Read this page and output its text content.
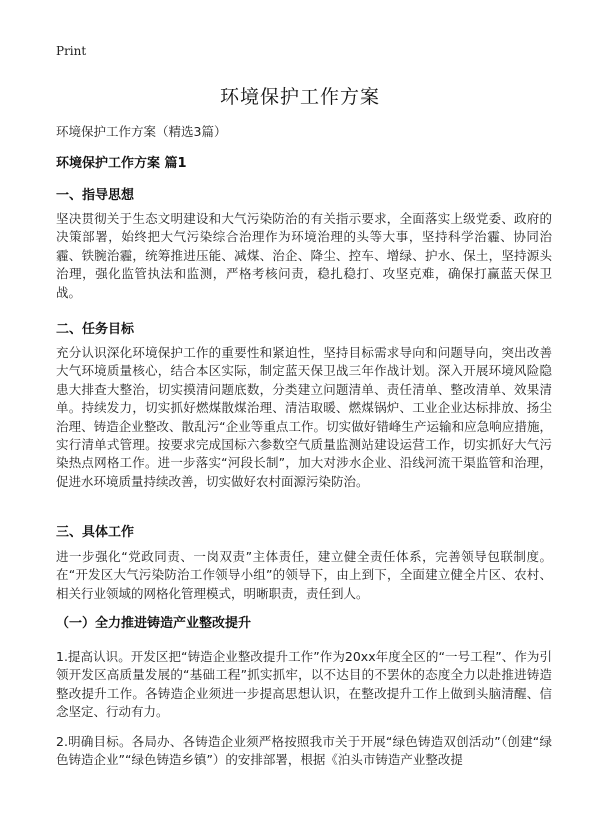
Print
环境保护工作方案
环境保护工作方案（精选3篇）
环境保护工作方案 篇1
一、指导思想

坚决贯彻关于生态文明建设和大气污染防治的有关指示要求，全面落实上级党委、政府的决策部署，始终把大气污染综合治理作为环境治理的头等大事，坚持科学治霾、协同治霾、铁腕治霾，统筹推进压能、减煤、治企、降尘、控车、增绿、护水、保土，坚持源头治理，强化监管执法和监测，严格考核问责，稳扎稳打、攻坚克难，确保打赢蓝天保卫战。

二、任务目标

充分认识深化环境保护工作的重要性和紧迫性，坚持目标需求导向和问题导向，突出改善大气环境质量核心，结合本区实际，制定蓝天保卫战三年作战计划。深入开展环境风险隐患大排查大整治，切实摸清问题底数，分类建立问题清单、责任清单、整改清单、效果清单。持续发力，切实抓好燃煤散煤治理、清洁取暖、燃煤锅炉、工业企业达标排放、扬尘治理、铸造企业整改、散乱污“企业等重点工作。切实做好错峰生产运输和应急响应措施，实行清单式管理。按要求完成国标六参数空气质量监测站建设运营工作，切实抓好大气污染热点网格工作。进一步落实“河段长制”，加大对涉水企业、沿线河流干渠监管和治理，促进水环境质量持续改善，切实做好农村面源污染防治。

三、具体工作

进一步强化“党政同责、一岗双责”主体责任，建立健全责任体系，完善领导包联制度。在“开发区大气污染防治工作领导小组”的领导下，由上到下，全面建立健全片区、农村、相关行业领域的网格化管理模式，明晰职责，责任到人。

（一）全力推进铸造产业整改提升

1.提高认识。开发区把“铸造企业整改提升工作”作为20xx年度全区的“一号工程”、作为引领开发区高质量发展的“基础工程”抓实抓牢，以不达目的不罢休的态度全力以赴推进铸造整改提升工作。各铸造企业须进一步提高思想认识，在整改提升工作上做到头脑清醒、信念坚定、行动有力。

2.明确目标。各局办、各铸造企业须严格按照我市关于开展“绿色铸造双创活动”（创建“绿色铸造企业”“绿色铸造乡镇”）的安排部署，根据《泊头市铸造产业整改提
